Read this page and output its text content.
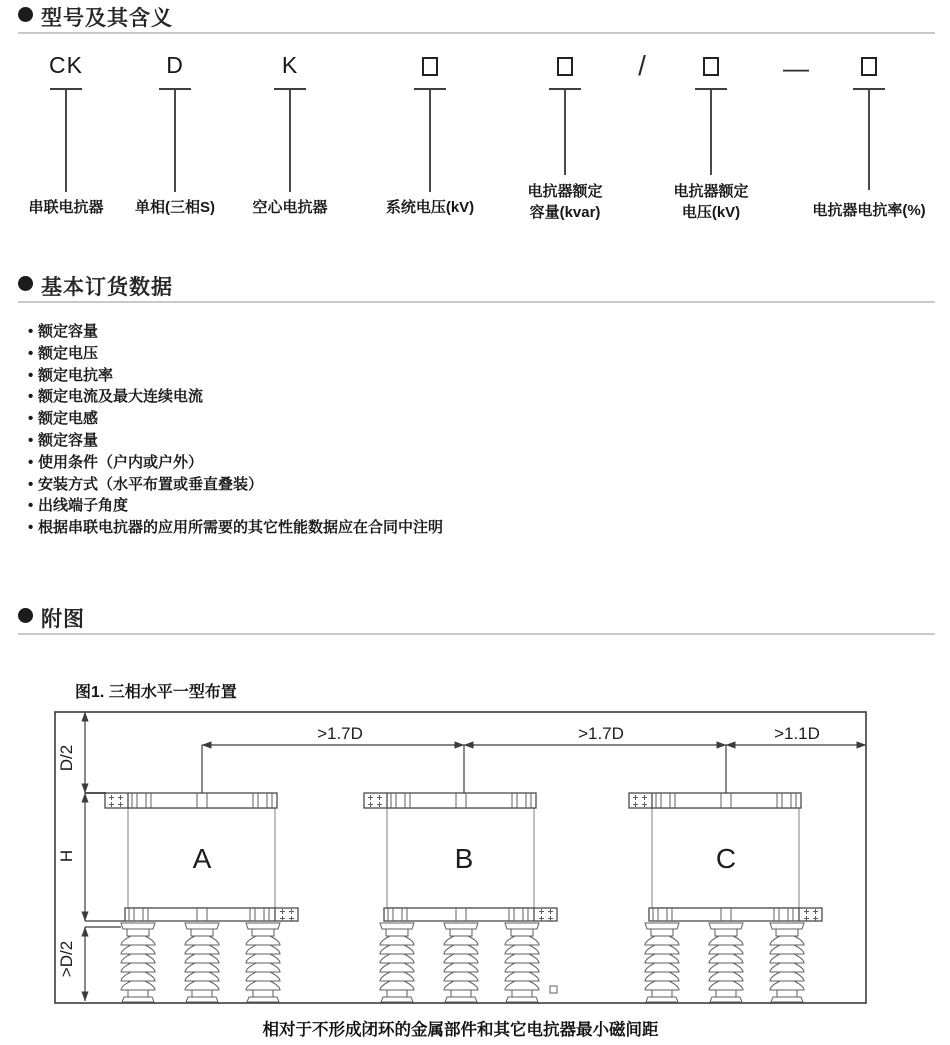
型号及其含义
CK
串联电抗器
D
单相(三相S)
K
空心电抗器	系统电压(kV)
电抗器额定
容量(kvar)
/
电抗器额定
电压(kV)
—
电抗器电抗率(%)
基本订货数据
• 额定容量
• 额定电压
• 额定电抗率
• 额定电流及最大连续电流
• 额定电感
• 额定容量
• 使用条件（户内或户外）
• 安装方式（水平布置或垂直叠装）
• 出线端子角度
• 根据串联电抗器的应用所需要的其它性能数据应在合同中注明
附图
图1. 三相水平一型布置
A	B	C
>1.7D	>1.7D	>1.1D
D/2
H
>D/2
相对于不形成闭环的金属部件和其它电抗器最小磁间距
